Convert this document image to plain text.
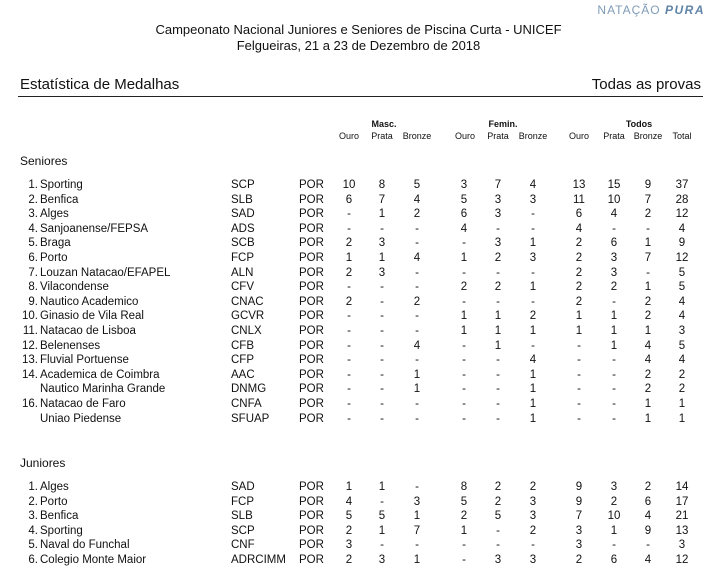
NATAÇÃO PURA
Campeonato Nacional Juniores e Seniores de Piscina Curta - UNICEF
Felgueiras, 21 a 23 de Dezembro de 2018
Estatística de Medalhas	Todas as provas
Masc.	Femin.	Todos
Ouro	Prata	Bronze	Ouro	Prata	Bronze	Ouro	Prata Bronze	Total
Seniores
1. Sporting	SCP	POR	10	8	5	3	7	4	13	15	9	37
2. Benfica	SLB	POR	6	7	4	5	3	3	11	10	7	28
3. Alges	SAD	POR	-	1	2	6	3	-	6	4	2	12
4. Sanjoanense/FEPSA	ADS	POR	-	-	-	4	-	-	4	-	-	4
5. Braga	SCB	POR	2	3	-	-	3	1	2	6	1	9
6. Porto	FCP	POR	1	1	4	1	2	3	2	3	7	12
7. Louzan Natacao/EFAPEL	ALN	POR	2	3	-	-	-	-	2	3	-	5
8. Vilacondense	CFV	POR	-	-	-	2	2	1	2	2	1	5
9. Nautico Academico	CNAC	POR	2	-	2	-	-	-	2	-	2	4
10. Ginasio de Vila Real	GCVR	POR	-	-	-	1	1	2	1	1	2	4
11. Natacao de Lisboa	CNLX	POR	-	-	-	1	1	1	1	1	1	3
12. Belenenses	CFB	POR	-	-	4	-	1	-	-	1	4	5
13. Fluvial Portuense	CFP	POR	-	-	-	-	-	4	-	-	4	4
14. Academica de Coimbra	AAC	POR	-	-	1	-	-	1	-	-	2	2
Nautico Marinha Grande	DNMG	POR	-	-	1	-	-	1	-	-	2	2
16. Natacao de Faro	CNFA	POR	-	-	-	-	-	1	-	-	1	1
Uniao Piedense	SFUAP	POR	-	-	-	-	-	1	-	-	1	1
Juniores
1. Alges	SAD	POR	1	1	-	8	2	2	9	3	2	14
2. Porto	FCP	POR	4	-	3	5	2	3	9	2	6	17
3. Benfica	SLB	POR	5	5	1	2	5	3	7	10	4	21
4. Sporting	SCP	POR	2	1	7	1	-	2	3	1	9	13
5. Naval do Funchal	CNF	POR	3	-	-	-	-	-	3	-	-	3
6. Colegio Monte Maior	ADRCIMM POR	2	3	1	-	3	3	2	6	4	12
